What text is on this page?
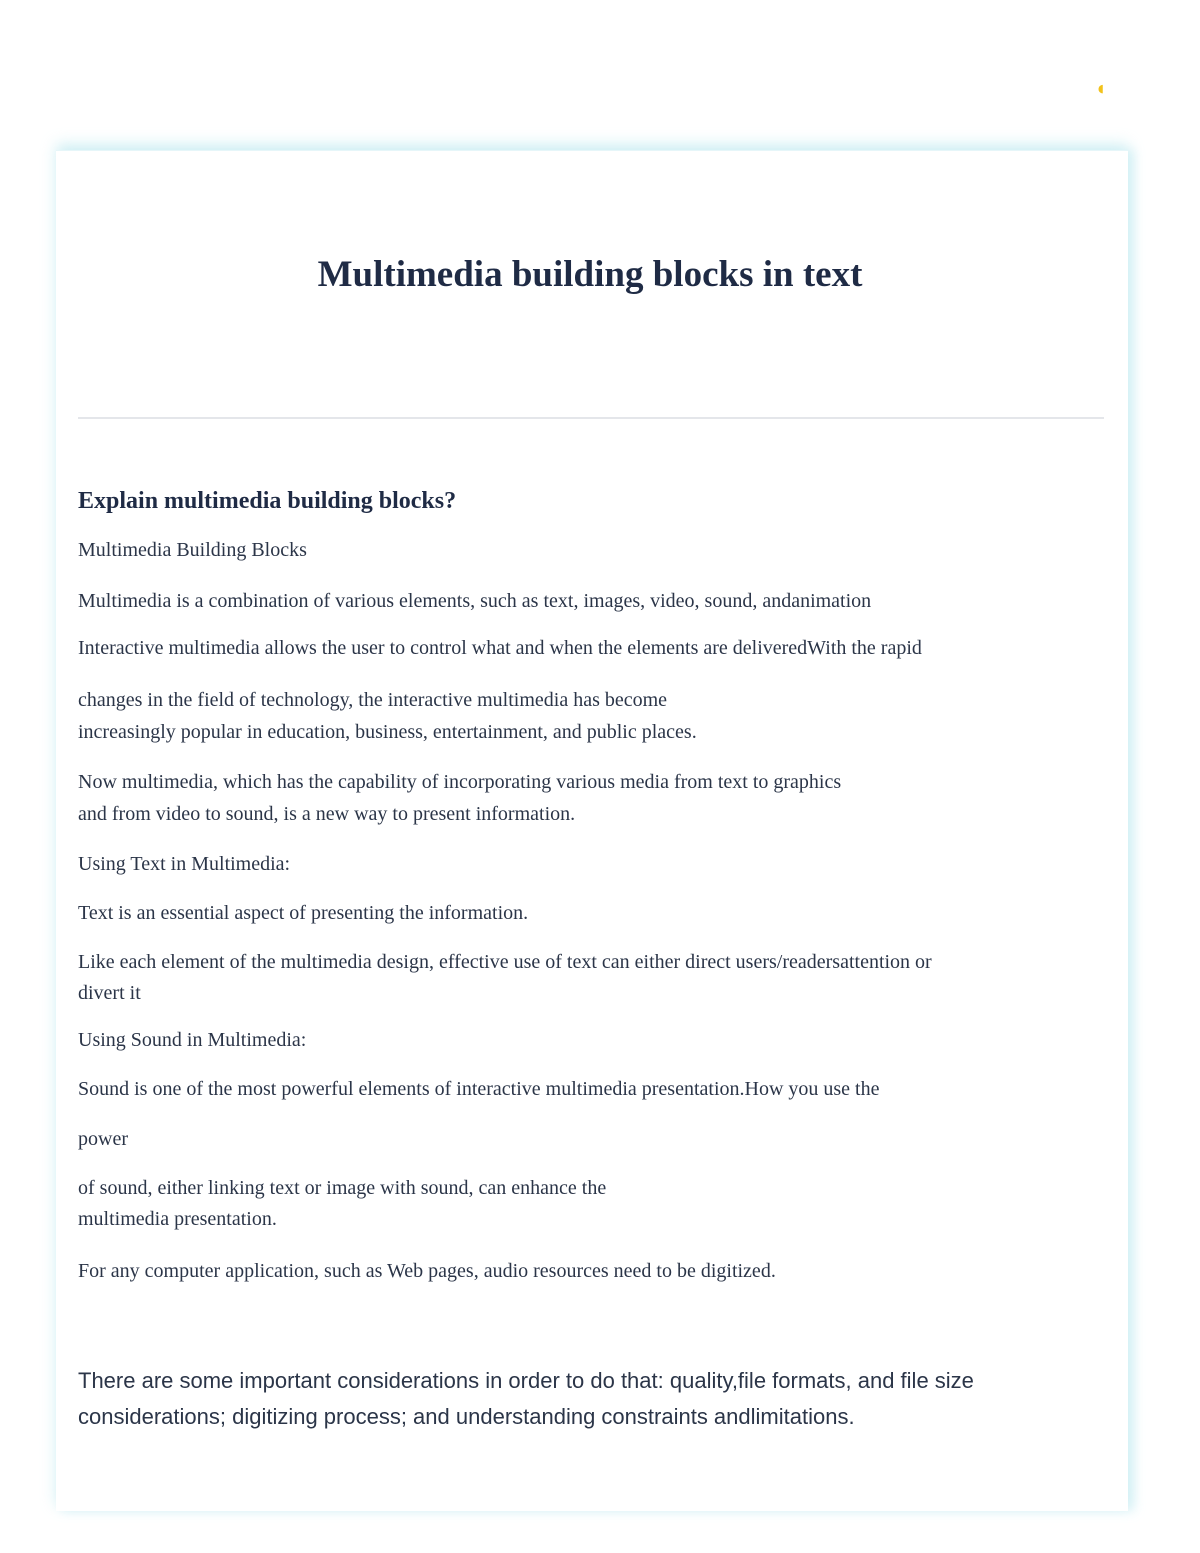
◖
Multimedia building blocks in text
Explain multimedia building blocks?

Multimedia Building Blocks

Multimedia is a combination of various elements, such as text, images, video, sound, andanimation

Interactive multimedia allows the user to control what and when the elements are deliveredWith the rapid

changes in the field of technology, the interactive multimedia has become
increasingly popular in education, business, entertainment, and public places.

Now multimedia, which has the capability of incorporating various media from text to graphics
and from video to sound, is a new way to present information.

Using Text in Multimedia:

Text is an essential aspect of presenting the information.

Like each element of the multimedia design, effective use of text can either direct users/readersattention or
divert it

Using Sound in Multimedia:

Sound is one of the most powerful elements of interactive multimedia presentation.How you use the

power

of sound, either linking text or image with sound, can enhance the
multimedia presentation.

For any computer application, such as Web pages, audio resources need to be digitized.

There are some important considerations in order to do that: quality,file formats, and file size
considerations; digitizing process; and understanding constraints andlimitations.
